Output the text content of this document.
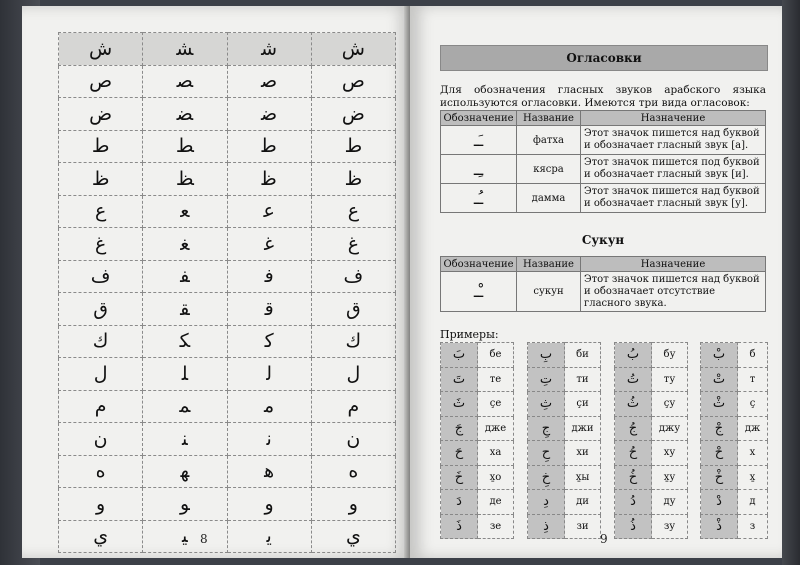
ش	ﺸ	ﺷ	ش
ص	ﺼ	ﺻ	ص
ض	ﻀ	ﺿ	ض
ط	ﻂ	ﻃ	ط
ظ	ﻆ	ﻇ	ظ
ع	ﻌ	ﻋ	ع
غ	ﻐ	ﻏ	غ
ف	ﻔ	ﻓ	ف
ق	ﻘ	ﻗ	ق
ك	ﻜ	ﻛ	ك
ل	ﻠ	ﻟ	ل
م	ﻤ	ﻣ	م
ن	ﻨ	ﻧ	ن
ه	ﻬ	ﻫ	ه
و	ﻮ	و	و
ي	ﻴ	ﻳ	ي
8
Огласовки
Для обозначения гласных звуков арабского языка используются огласовки. Имеются три вида огласовок:
Обозначение	Название	Назначение
ـَـ	фатха	Этот значок пишется над буквой и обозначает гласный звук [а].
ـِـ	кясра	Этот значок пишется под буквой и обозначает гласный звук [и].
ـُـ	дамма	Этот значок пишется над буквой и обозначает гласный звук [у].
Сукун
Обозначение	Название	Назначение
ـْـ	сукун	Этот значок пишется над буквой и обозначает отсутствие гласного звука.
Примеры:
بَ	бе
تَ	те
ثَ	çе
جَ	дже
حَ	ха
خَ	х̱о
دَ	де
ذَ	зе
بِ	би
تِ	ти
ثِ	çи
جِ	джи
حِ	хи
خِ	х̱ы
دِ	ди
ذِ	зи
بُ	бу
تُ	ту
ثُ	çу
جُ	джу
حُ	ху
خُ	х̱у
دُ	ду
ذُ	зу
بْ	б
تْ	т
ثْ	ç
جْ	дж
حْ	х
خْ	х̱
دْ	д
ذْ	з
9
